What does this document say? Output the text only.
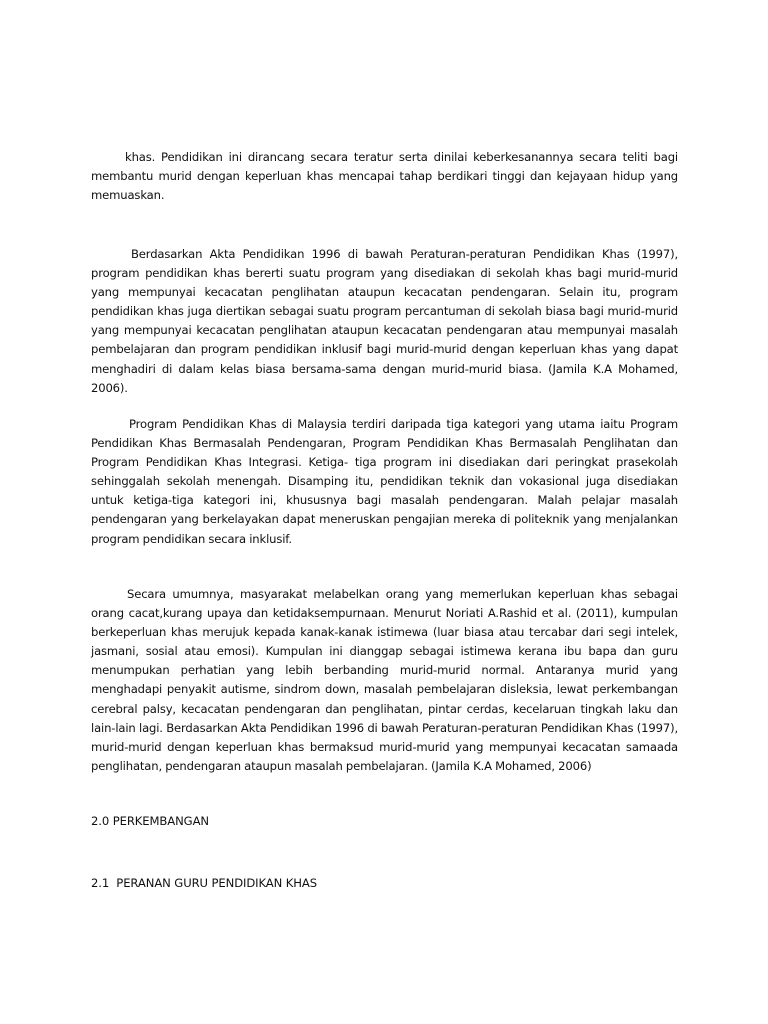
khas. Pendidikan ini dirancang secara teratur serta dinilai keberkesanannya secara teliti bagi membantu murid dengan keperluan khas mencapai tahap berdikari tinggi dan kejayaan hidup yang memuaskan.

Berdasarkan Akta Pendidikan 1996 di bawah Peraturan-peraturan Pendidikan Khas (1997), program pendidikan khas bererti suatu program yang disediakan di sekolah khas bagi murid-murid yang mempunyai kecacatan penglihatan ataupun kecacatan pendengaran. Selain itu, program pendidikan khas juga diertikan sebagai suatu program percantuman di sekolah biasa bagi murid-murid yang mempunyai kecacatan penglihatan ataupun kecacatan pendengaran atau mempunyai masalah pembelajaran dan program pendidikan inklusif bagi murid-murid dengan keperluan khas yang dapat menghadiri di dalam kelas biasa bersama-sama dengan murid-murid biasa. (Jamila K.A Mohamed, 2006).

Program Pendidikan Khas di Malaysia terdiri daripada tiga kategori yang utama iaitu Program Pendidikan Khas Bermasalah Pendengaran, Program Pendidikan Khas Bermasalah Penglihatan dan Program Pendidikan Khas Integrasi. Ketiga- tiga program ini disediakan dari peringkat prasekolah sehinggalah sekolah menengah. Disamping itu, pendidikan teknik dan vokasional juga disediakan untuk ketiga-tiga kategori ini, khususnya bagi masalah pendengaran. Malah pelajar masalah pendengaran yang berkelayakan dapat meneruskan pengajian mereka di politeknik yang menjalankan program pendidikan secara inklusif.

Secara umumnya, masyarakat melabelkan orang yang memerlukan keperluan khas sebagai orang cacat,kurang upaya dan ketidaksempurnaan. Menurut Noriati A.Rashid et al. (2011), kumpulan berkeperluan khas merujuk kepada kanak-kanak istimewa (luar biasa atau tercabar dari segi intelek, jasmani, sosial atau emosi). Kumpulan ini dianggap sebagai istimewa kerana ibu bapa dan guru menumpukan perhatian yang lebih berbanding murid-murid normal. Antaranya murid yang menghadapi penyakit autisme, sindrom down, masalah pembelajaran disleksia, lewat perkembangan cerebral palsy, kecacatan pendengaran dan penglihatan, pintar cerdas, kecelaruan tingkah laku dan lain-lain lagi. Berdasarkan Akta Pendidikan 1996 di bawah Peraturan-peraturan Pendidikan Khas (1997), murid-murid dengan keperluan khas bermaksud murid-murid yang mempunyai kecacatan samaada penglihatan, pendengaran ataupun masalah pembelajaran. (Jamila K.A Mohamed, 2006)

2.0 PERKEMBANGAN

2.1  PERANAN GURU PENDIDIKAN KHAS
